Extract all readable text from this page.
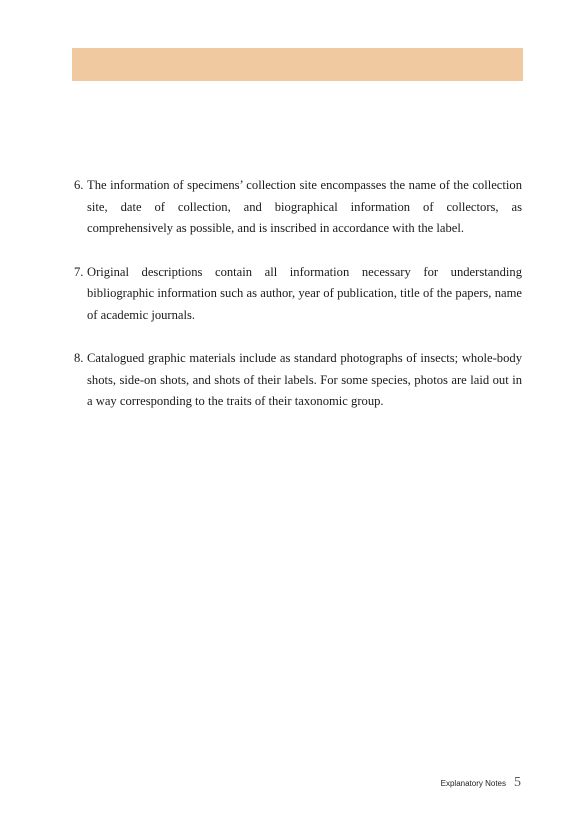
6. The information of specimens’ collection site encompasses the name of the collection site, date of collection, and biographical information of collectors, as comprehensively as possible, and is inscribed in accordance with the label.
7. Original descriptions contain all information necessary for understanding bibliographic information such as author, year of publication, title of the papers, name of academic journals.
8. Catalogued graphic materials include as standard photographs of insects; whole-body shots, side-on shots, and shots of their labels. For some species, photos are laid out in a way corresponding to the traits of their taxonomic group.
Explanatory Notes 5
